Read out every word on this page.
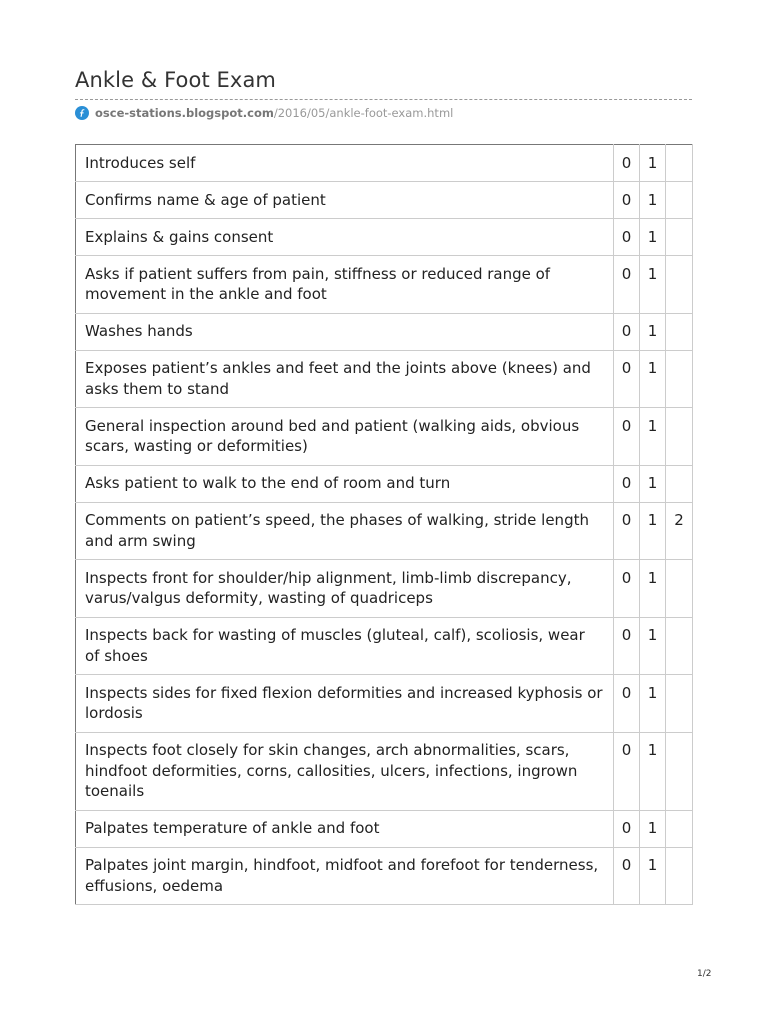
Ankle & Foot Exam
osce-stations.blogspot.com /2016/05/ankle-foot-exam.html
Introduces self	0	1	
Confirms name & age of patient	0	1	
Explains & gains consent	0	1	
Asks if patient suffers from pain, stiffness or reduced range of movement in the ankle and foot	0	1	
Washes hands	0	1	
Exposes patient’s ankles and feet and the joints above (knees) and asks them to stand	0	1	
General inspection around bed and patient (walking aids, obvious scars, wasting or deformities)	0	1	
Asks patient to walk to the end of room and turn	0	1	
Comments on patient’s speed, the phases of walking, stride length and arm swing	0	1	2
Inspects front for shoulder/hip alignment, limb-limb discrepancy, varus/valgus deformity, wasting of quadriceps	0	1	
Inspects back for wasting of muscles (gluteal, calf), scoliosis, wear of shoes	0	1	
Inspects sides for fixed flexion deformities and increased kyphosis or lordosis	0	1	
Inspects foot closely for skin changes, arch abnormalities, scars, hindfoot deformities, corns, callosities, ulcers, infections, ingrown toenails	0	1	
Palpates temperature of ankle and foot	0	1	
Palpates joint margin, hindfoot, midfoot and forefoot for tenderness, effusions, oedema	0	1	
1/2
